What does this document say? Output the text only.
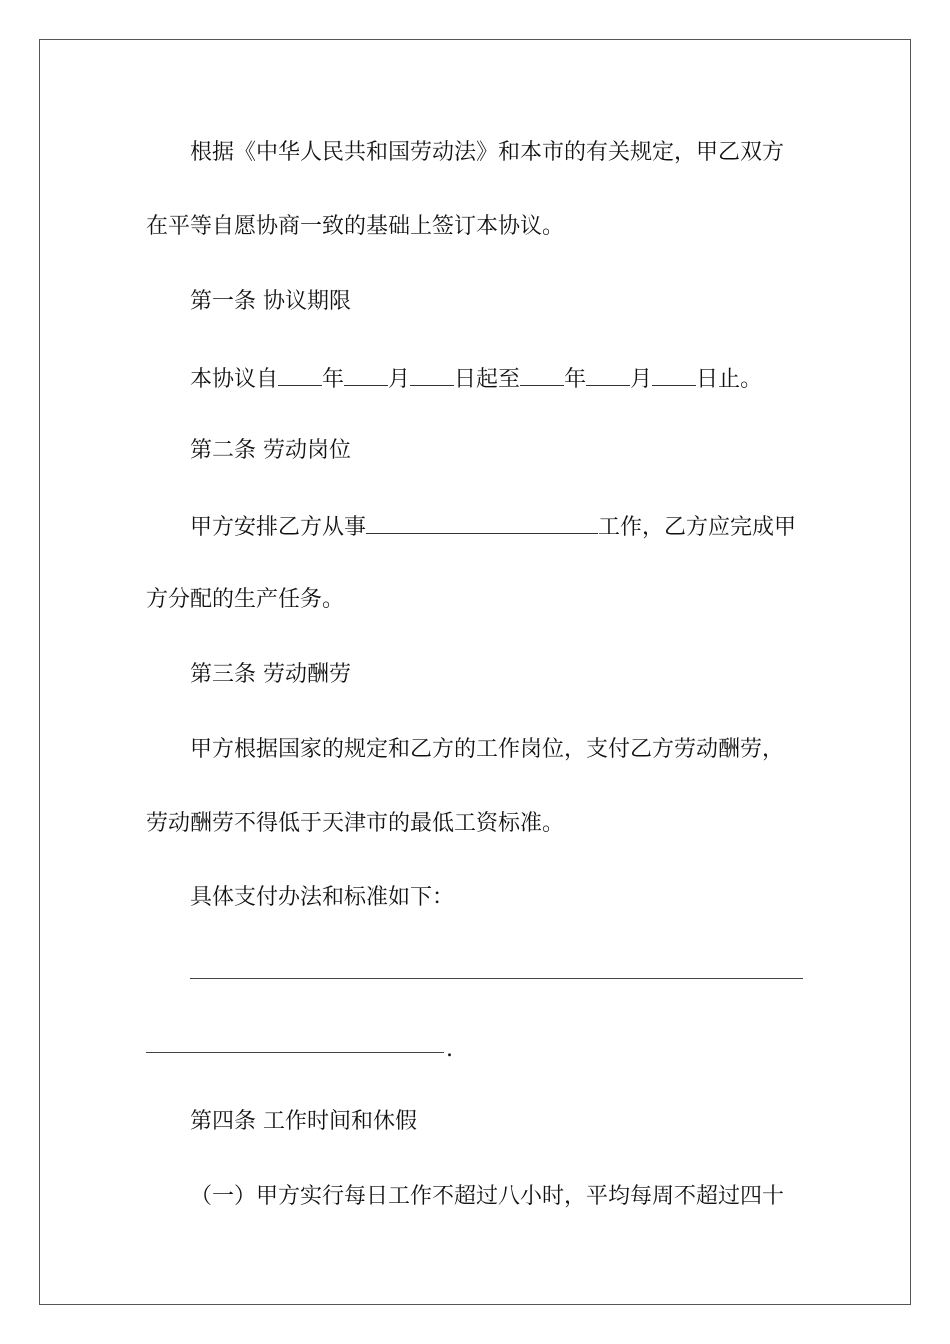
根据《中华人民共和国劳动法》和本市的有关规定，甲乙双方
在平等自愿协商一致的基础上签订本协议。
第一条 协议期限
本协议自 年 月 日起至 年 月 日止。
第二条 劳动岗位
甲方安排乙方从事	工作，乙方应完成甲
方分配的生产任务。
第三条 劳动酬劳
甲方根据国家的规定和乙方的工作岗位，支付乙方劳动酬劳，
劳动酬劳不得低于天津市的最低工资标准。
具体支付办法和标准如下：
.
第四条 工作时间和休假
（一）甲方实行每日工作不超过八小时，平均每周不超过四十
